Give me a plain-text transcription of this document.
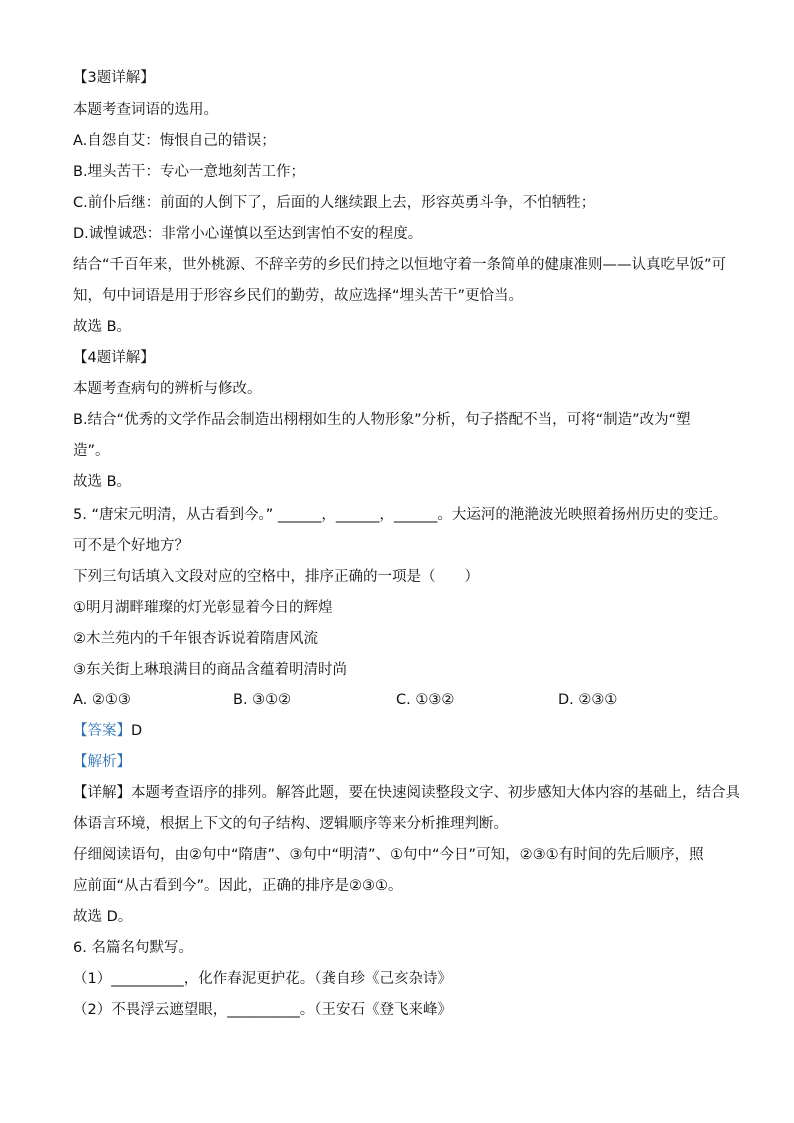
【3题详解】
本题考查词语的选用。
A.自怨自艾：悔恨自己的错误；
B.埋头苦干：专心一意地刻苦工作；
C.前仆后继：前面的人倒下了，后面的人继续跟上去，形容英勇斗争，不怕牺牲；
D.诚惶诚恐：非常小心谨慎以至达到害怕不安的程度。
结合“千百年来，世外桃源、不辞辛劳的乡民们持之以恒地守着一条简单的健康准则——认真吃早饭”可
知，句中词语是用于形容乡民们的勤劳，故应选择“埋头苦干”更恰当。
故选 B。
【4题详解】
本题考查病句的辨析与修改。
B.结合“优秀的文学作品会制造出栩栩如生的人物形象”分析，句子搭配不当，可将“制造”改为“塑
造”。
故选 B。
5. “唐宋元明清，从古看到今。” ______，______，______。大运河的滟滟波光映照着扬州历史的变迁。
可不是个好地方？
下列三句话填入文段对应的空格中，排序正确的一项是（　　）
①明月湖畔璀璨的灯光彰显着今日的辉煌
②木兰苑内的千年银杏诉说着隋唐风流
③东关街上琳琅满目的商品含蕴着明清时尚
A. ②①③	B. ③①②	C. ①③②	D. ②③①
【答案】D
【解析】
【详解】本题考查语序的排列。解答此题，要在快速阅读整段文字、初步感知大体内容的基础上，结合具
体语言环境，根据上下文的句子结构、逻辑顺序等来分析推理判断。
仔细阅读语句，由②句中“隋唐”、③句中“明清”、①句中“今日”可知，②③①有时间的先后顺序，照
应前面“从古看到今”。因此，正确的排序是②③①。
故选 D。
6. 名篇名句默写。
（1）__________，化作春泥更护花。（龚自珍《己亥杂诗》
（2）不畏浮云遮望眼，__________。（王安石《登飞来峰》
